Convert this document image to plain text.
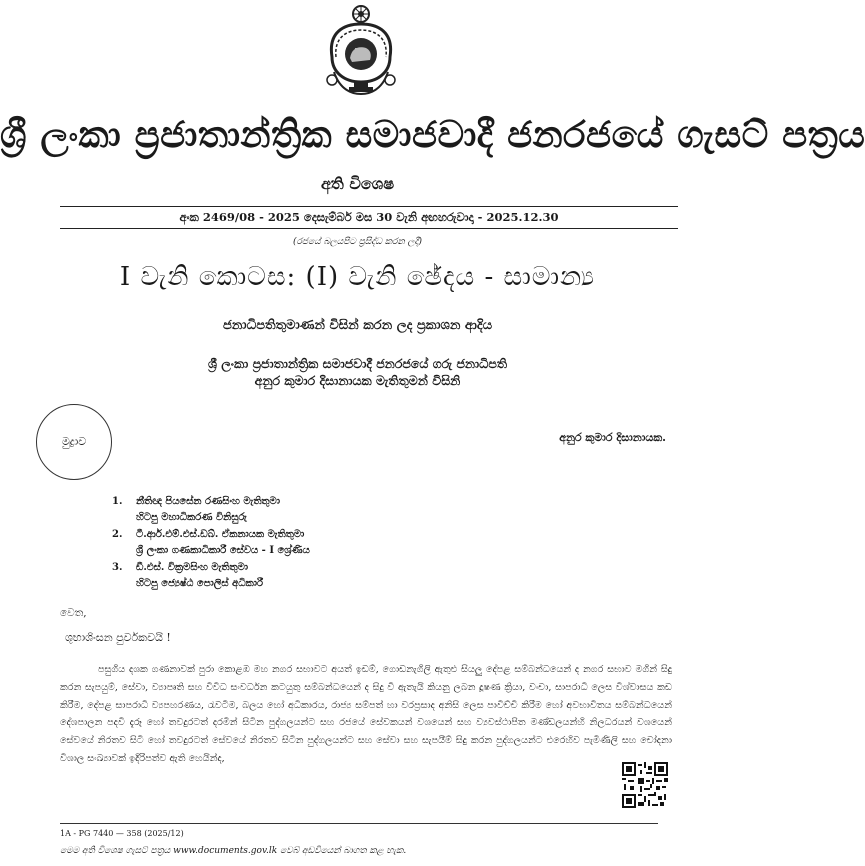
ශ්‍රී ලංකා ප්‍රජාතාන්ත්‍රික සමාජවාදී ජනරජයේ ගැසට් පත්‍රය
අති විශෙෂ
අංක 2469/08 - 2025 දෙසැම්බර් මස 30 වැනි අඟහරුවාදා - 2025.12.30
(රජයේ බලයපිට ප්‍රසිද්ධ කරන ලදී)
I වැනි කොටස: (I) වැනි ඡේදය - සාමාන්‍ය
ජනාධිපතිතුමාණන් විසින් කරන ලද ප්‍රකාශන ආදිය
ශ්‍රී ලංකා ප්‍රජාතාන්ත්‍රික සමාජවාදී ජනරජයේ ගරු ජනාධිපති
අනුර කුමාර දිසානායක මැතිතුමන් විසිනි
මුද්‍රාව	අනුර කුමාර දිසානායක.
1.	නීතිඥ පියසේන රණසිංහ මැතිතුමා
හිටපු මහාධිකරණ විනිසුරු
2.	ටී.ආර්.එම්.එස්.ඩබ්. ඒකනායක මැතිතුමා
ශ්‍රී ලංකා ගණකාධිකාරී සේවය - I ශ්‍රේණිය
3.	ඩී.එස්. වික්‍රමසිංහ මැතිතුමා
හිටපු ජ්‍යෙෂ්ඨ පොලිස් අධිකාරී
වෙත,
ශුභාශිංසන පුර්වකවයි !
පසුගිය දශක ගණනාවක් පුරා කොළඹ මහ නගර සභාවට අයත් ඉඩම්, ගොඩනැගිලි ඇතුළු සියලු දේපළ සම්බන්ධයෙන් ද නගර සභාව මගින් සිදු කරන සැපයුම්, සේවා, ව්‍යාපෘති සහ විවිධ සංවර්ධන කටයුතු සම්බන්ධයෙන් ද සිදු වී ඇතැයි කියනු ලබන දූෂණ ක්‍රියා, වංචා, සාපරාධී ලෙස විශ්වාසය කඩ කිරීම, දේපළ සාපරාධී ව්‍යපහරණය, රැවටීම, බලය හෝ අධිකාරය, රාජ්‍ය සම්පත් හා වරප්‍රසාද අනිසි ලෙස පාවිච්චි කිරීම හෝ අවභාවිතය සම්බන්ධයෙන් දේශපාලන පදවි දැරූ හෝ තවදුරටත් දරමින් සිටින පුද්ගලයන්ට සහ රජයේ සේවකයන් වශයෙන් සහ ව්‍යවස්ථාපිත මණ්ඩලයන්හි නිලධරයන් වශයෙන් සේවයේ නිරතව සිටි හෝ තවදුරටත් සේවයේ නිරතව සිටින පුද්ගලයන්ට සහ සේවා සහ සැපයීම් සිදු කරන පුද්ගලයන්ට එරෙහිව පැමිණිලි සහ චෝදනා විශාල සංඛ්‍යාවක් ඉදිරිපත්ව ඇති හෙයින්ද,
1A - PG 7440 — 358 (2025/12)
මෙම අති විශෙෂ ගැසට් පත්‍රය www.documents.gov.lk වෙබ් අඩවියෙන් බාගත කළ හැක.
